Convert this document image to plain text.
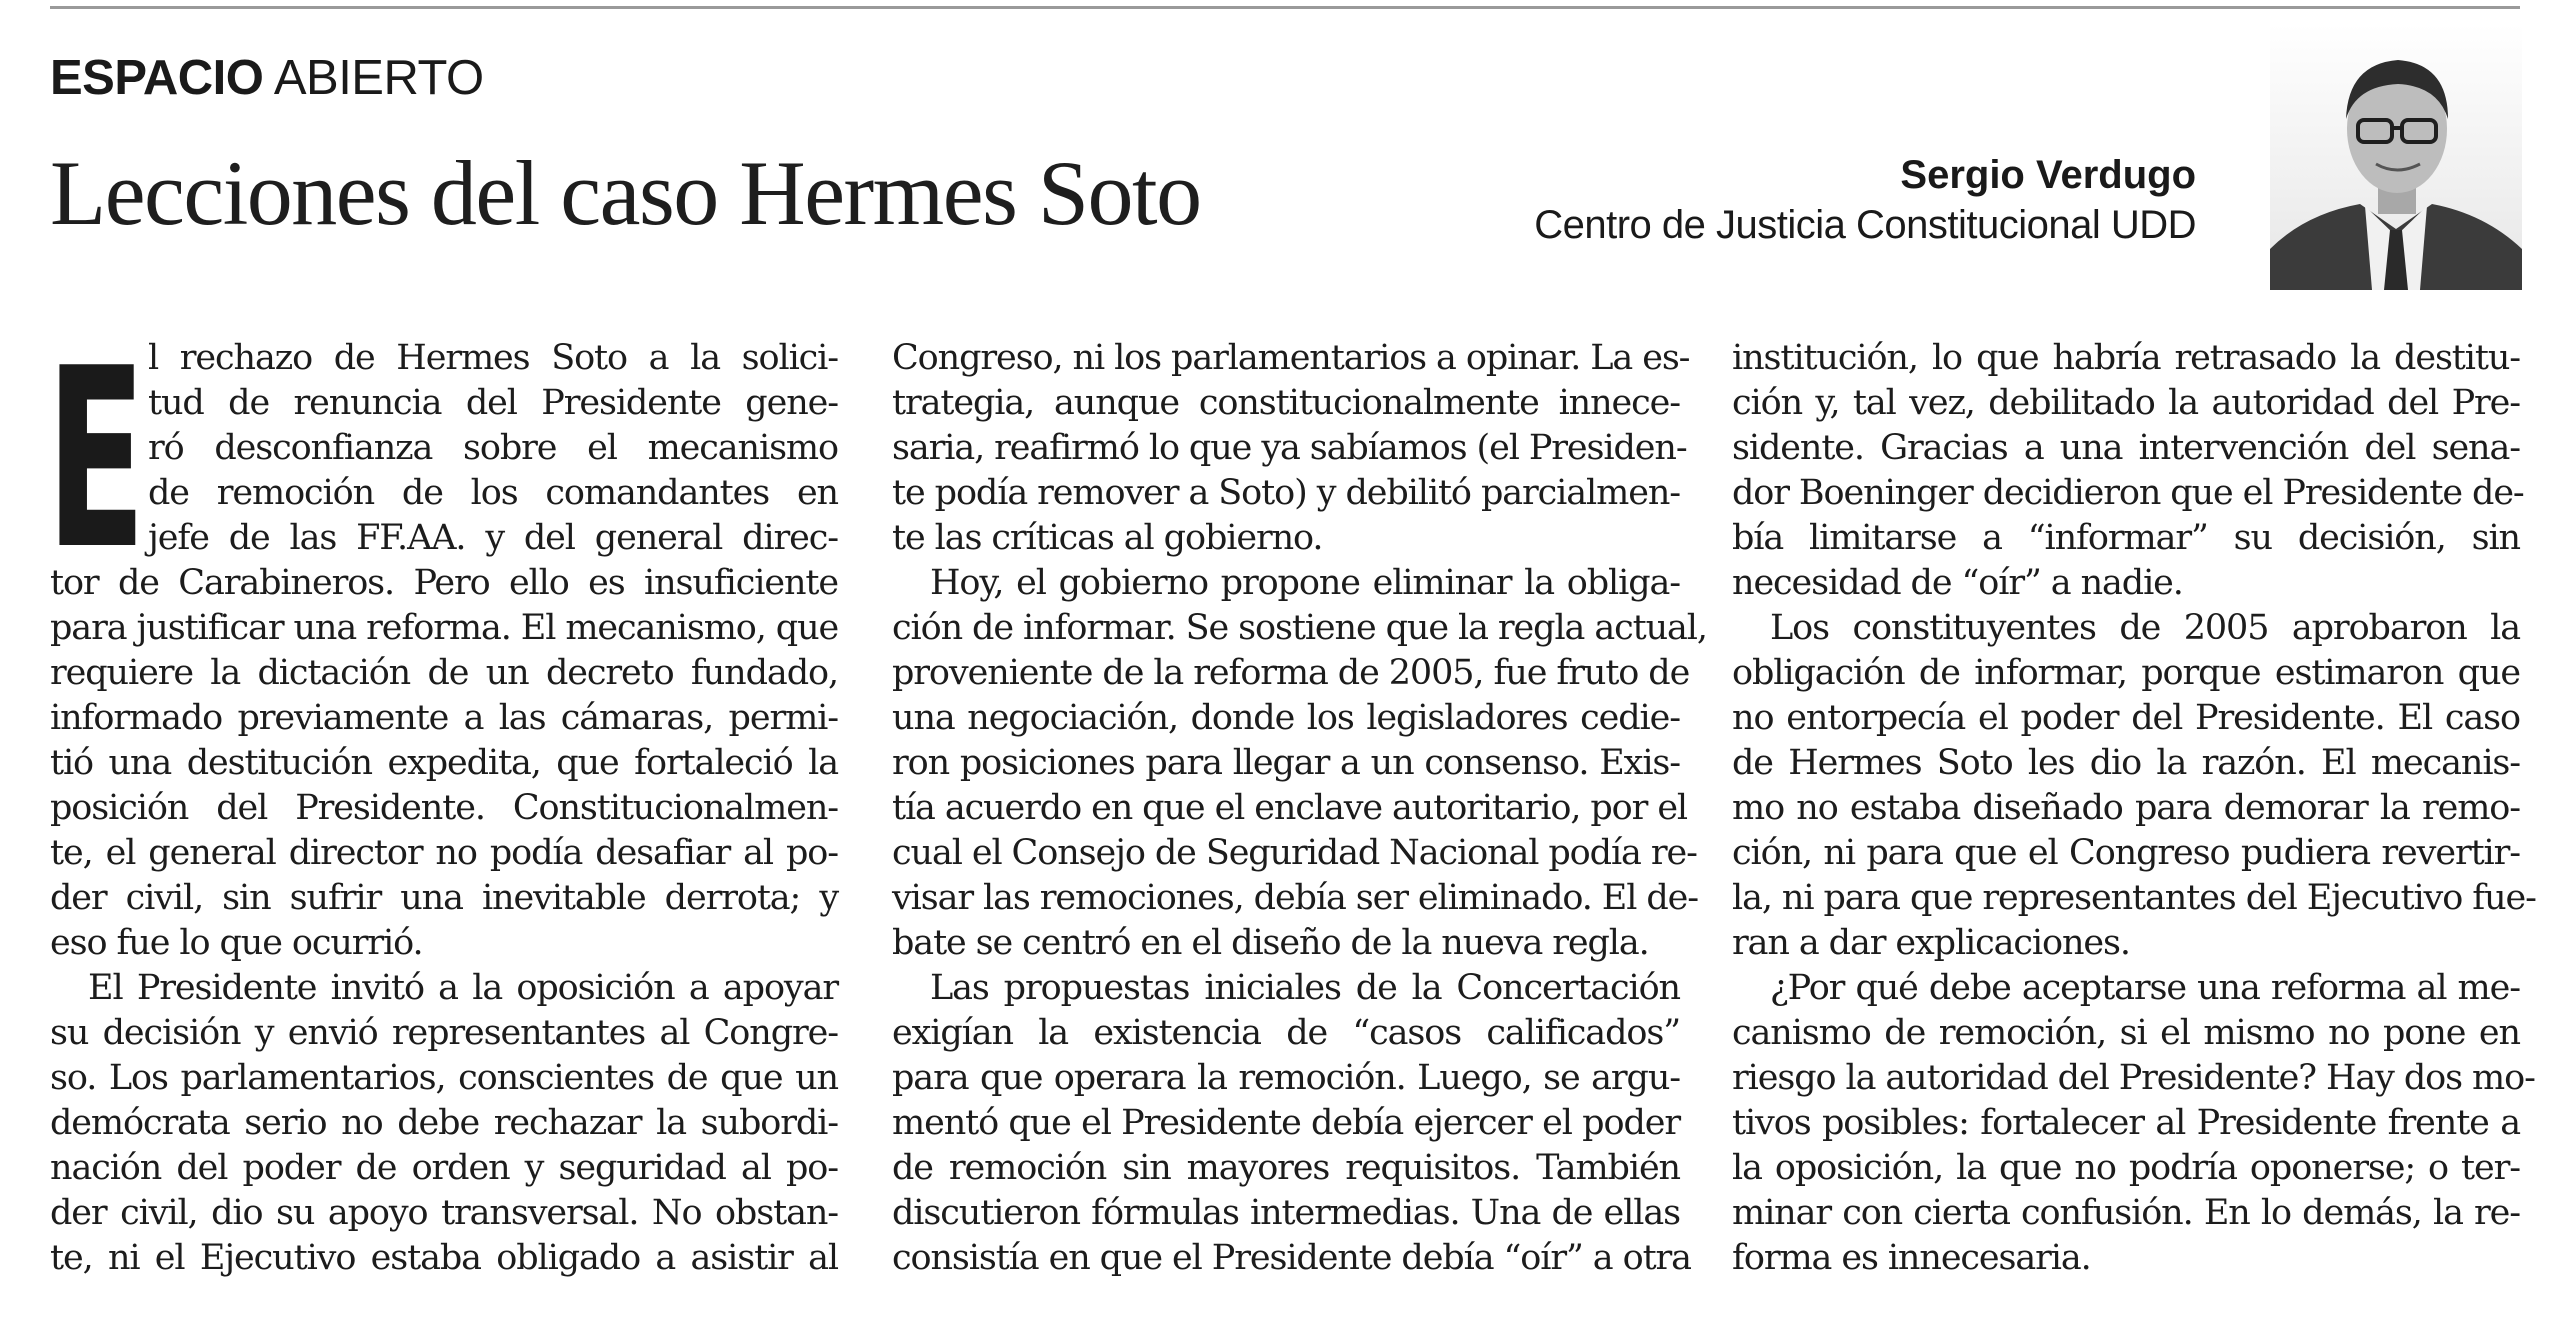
ESPACIO ABIERTO
Lecciones del caso Hermes Soto	Sergio Verdugo
Centro de Justicia Constitucional UDD
E l rechazo de Hermes Soto a la solici-
tud de renuncia del Presidente gene-
ró desconfianza sobre el mecanismo
de remoción de los comandantes en
jefe de las FF.AA. y del general direc-
tor de Carabineros. Pero ello es insuficiente
para justificar una reforma. El mecanismo, que
requiere la dictación de un decreto fundado,
informado previamente a las cámaras, permi-
tió una destitución expedita, que fortaleció la
posición del Presidente. Constitucionalmen-
te, el general director no podía desafiar al po-
der civil, sin sufrir una inevitable derrota; y
eso fue lo que ocurrió.
El Presidente invitó a la oposición a apoyar
su decisión y envió representantes al Congre-
so. Los parlamentarios, conscientes de que un
demócrata serio no debe rechazar la subordi-
nación del poder de orden y seguridad al po-
der civil, dio su apoyo transversal. No obstan-
te, ni el Ejecutivo estaba obligado a asistir al
Congreso, ni los parlamentarios a opinar. La es-
trategia, aunque constitucionalmente innece-
saria, reafirmó lo que ya sabíamos (el Presiden-
te podía remover a Soto) y debilitó parcialmen-
te las críticas al gobierno.
Hoy, el gobierno propone eliminar la obliga-
ción de informar. Se sostiene que la regla actual,
proveniente de la reforma de 2005, fue fruto de
una negociación, donde los legisladores cedie-
ron posiciones para llegar a un consenso. Exis-
tía acuerdo en que el enclave autoritario, por el
cual el Consejo de Seguridad Nacional podía re-
visar las remociones, debía ser eliminado. El de-
bate se centró en el diseño de la nueva regla.
Las propuestas iniciales de la Concertación
exigían la existencia de “casos calificados”
para que operara la remoción. Luego, se argu-
mentó que el Presidente debía ejercer el poder
de remoción sin mayores requisitos. También
discutieron fórmulas intermedias. Una de ellas
consistía en que el Presidente debía “oír” a otra
institución, lo que habría retrasado la destitu-
ción y, tal vez, debilitado la autoridad del Pre-
sidente. Gracias a una intervención del sena-
dor Boeninger decidieron que el Presidente de-
bía limitarse a “informar” su decisión, sin
necesidad de “oír” a nadie.
Los constituyentes de 2005 aprobaron la
obligación de informar, porque estimaron que
no entorpecía el poder del Presidente. El caso
de Hermes Soto les dio la razón. El mecanis-
mo no estaba diseñado para demorar la remo-
ción, ni para que el Congreso pudiera revertir-
la, ni para que representantes del Ejecutivo fue-
ran a dar explicaciones.
¿Por qué debe aceptarse una reforma al me-
canismo de remoción, si el mismo no pone en
riesgo la autoridad del Presidente? Hay dos mo-
tivos posibles: fortalecer al Presidente frente a
la oposición, la que no podría oponerse; o ter-
minar con cierta confusión. En lo demás, la re-
forma es innecesaria.
